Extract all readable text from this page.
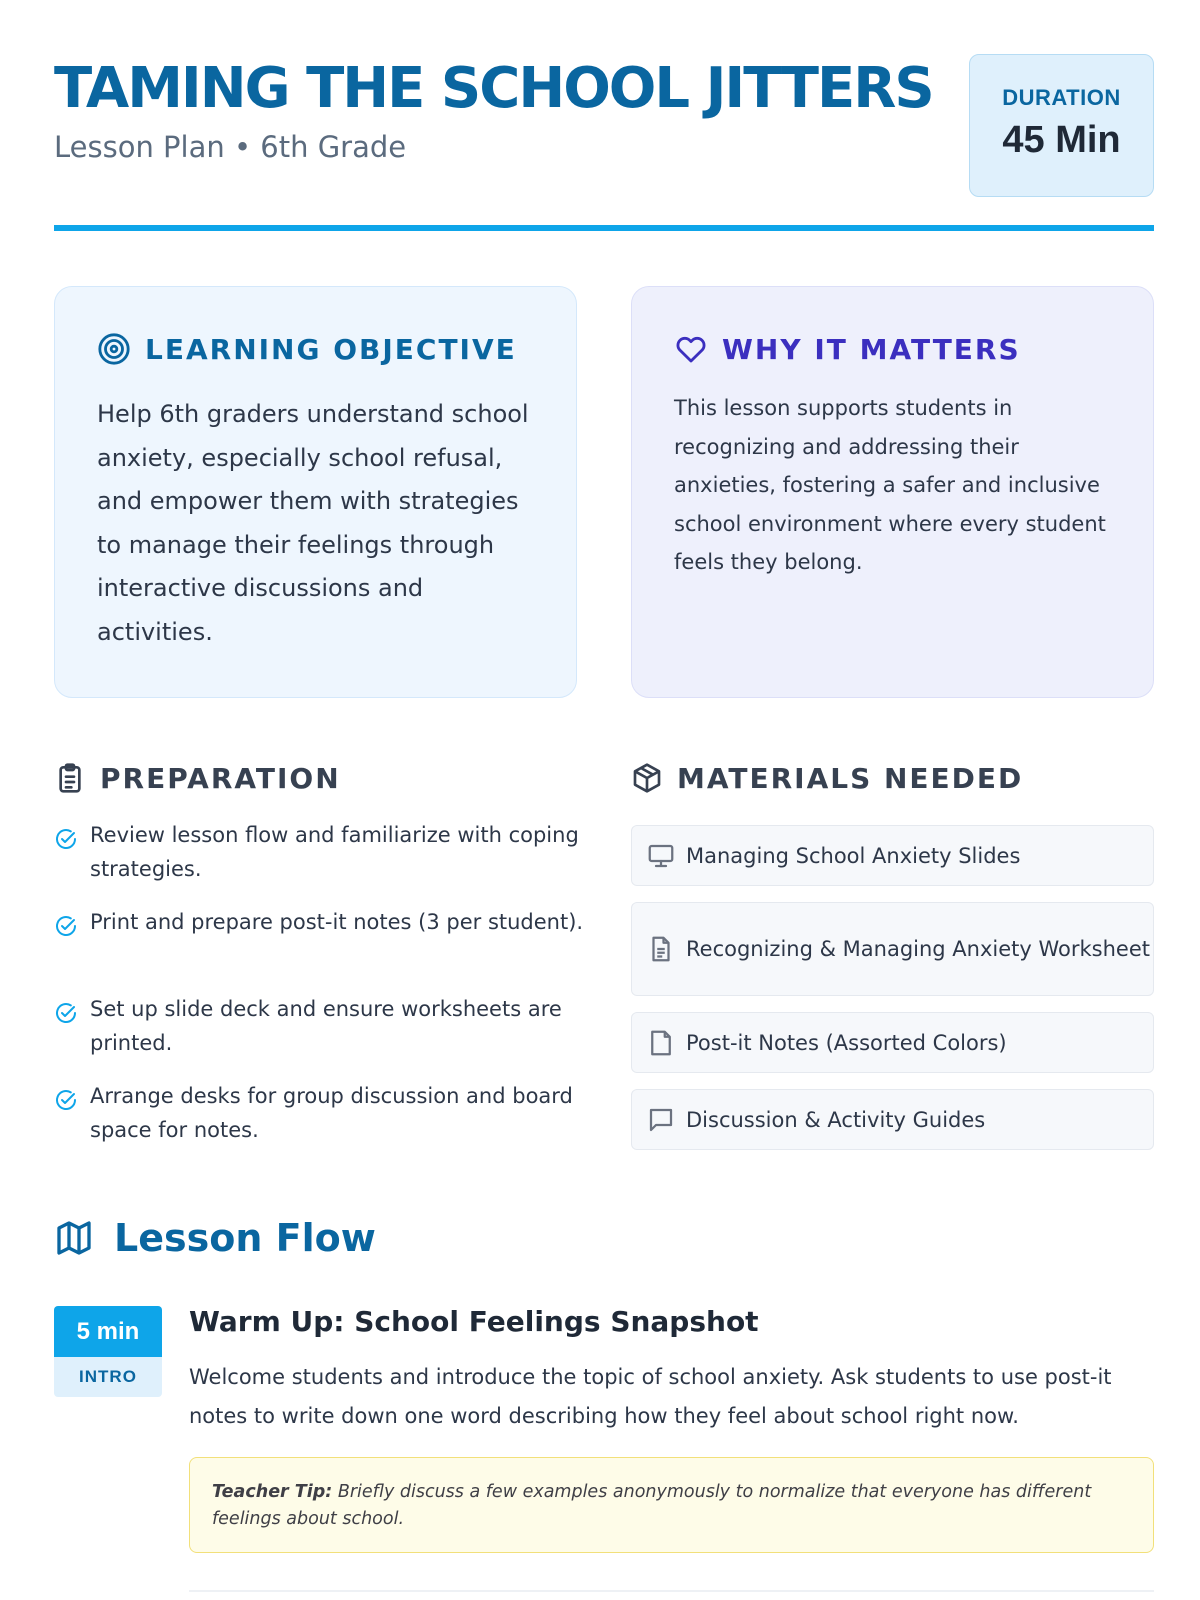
TAMING THE SCHOOL JITTERS
Lesson Plan • 6th Grade
DURATION
45 Min
LEARNING OBJECTIVE

Help 6th graders understand school anxiety, especially school refusal, and empower them with strategies to manage their feelings through interactive discussions and activities.

WHY IT MATTERS

This lesson supports students in recognizing and addressing their anxieties, fostering a safer and inclusive school environment where every student feels they belong.

PREPARATION
Review lesson flow and familiarize with coping strategies.
Print and prepare post-it notes (3 per student).
Set up slide deck and ensure worksheets are printed.
Arrange desks for group discussion and board space for notes.
MATERIALS NEEDED
Managing School Anxiety Slides
Recognizing & Managing Anxiety Worksheet
Post-it Notes (Assorted Colors)
Discussion & Activity Guides
Lesson Flow
5 min
INTRO
Warm Up: School Feelings Snapshot
Welcome students and introduce the topic of school anxiety. Ask students to use post-it notes to write down one word describing how they feel about school right now.

Teacher Tip: Briefly discuss a few examples anonymously to normalize that everyone has different feelings about school.
